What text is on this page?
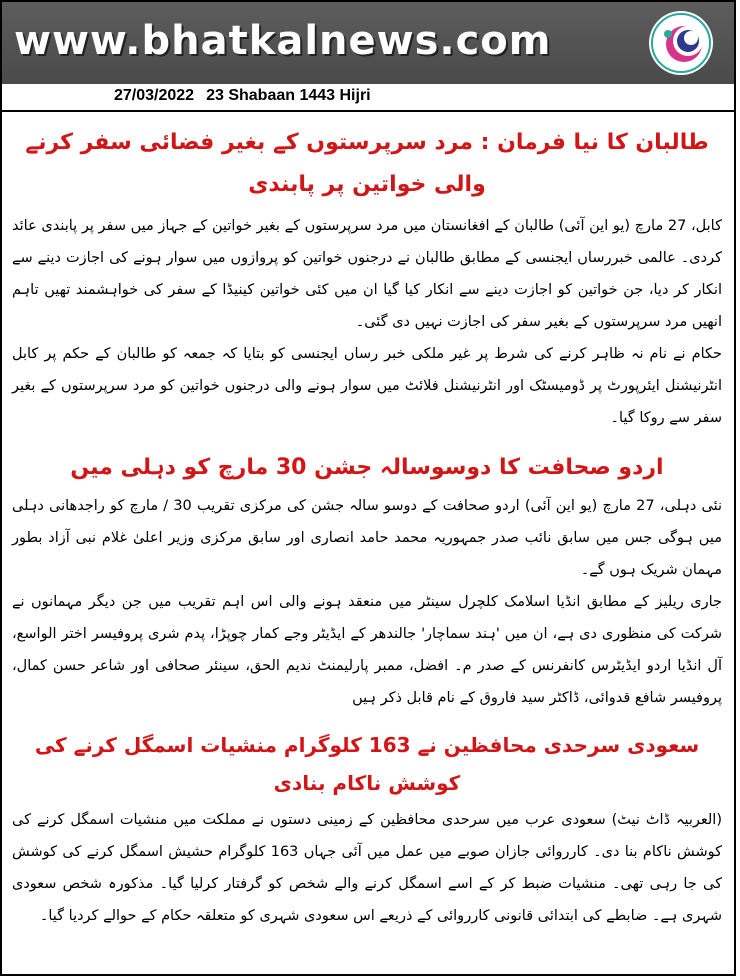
www.bhatkalnews.com
27/03/2022 23 Shabaan 1443 Hijri
طالبان کا نیا فرمان : مرد سرپرستوں کے بغیر فضائی سفر کرنے والی خواتین پر پابندی

کابل، 27 مارچ (یو این آئی) طالبان کے افغانستان میں مرد سرپرستوں کے بغیر خواتین کے جہاز میں سفر پر پابندی عائد کردی۔ عالمی خبررساں ایجنسی کے مطابق طالبان نے درجنوں خواتین کو پروازوں میں سوار ہونے کی اجازت دینے سے انکار کر دیا، جن خواتین کو اجازت دینے سے انکار کیا گیا ان میں کئی خواتین کینیڈا کے سفر کی خواہشمند تھیں تاہم انھیں مرد سرپرستوں کے بغیر سفر کی اجازت نہیں دی گئی۔

حکام نے نام نہ ظاہر کرنے کی شرط پر غیر ملکی خبر رساں ایجنسی کو بتایا کہ جمعہ کو طالبان کے حکم پر کابل انٹرنیشنل ایئرپورٹ پر ڈومیسٹک اور انٹرنیشنل فلائٹ میں سوار ہونے والی درجنوں خواتین کو مرد سرپرستوں کے بغیر سفر سے روکا گیا۔

اردو صحافت کا دوسوسالہ جشن 30 مارچ کو دہلی میں

نئی دہلی، 27 مارچ (یو این آئی) اردو صحافت کے دوسو سالہ جشن کی مرکزی تقریب 30 / مارچ کو راجدھانی دہلی میں ہوگی جس میں سابق نائب صدر جمہوریہ محمد حامد انصاری اور سابق مرکزی وزیر اعلیٰ غلام نبی آزاد بطور مہمان شریک ہوں گے۔

جاری ریلیز کے مطابق انڈیا اسلامک کلچرل سینٹر میں منعقد ہونے والی اس اہم تقریب میں جن دیگر مہمانوں نے شرکت کی منظوری دی ہے، ان میں 'ہند سماچار' جالندھر کے ایڈیٹر وجے کمار چوپڑا، پدم شری پروفیسر اختر الواسع، آل انڈیا اردو ایڈیٹرس کانفرنس کے صدر م۔ افضل، ممبر پارلیمنٹ ندیم الحق، سینئر صحافی اور شاعر حسن کمال، پروفیسر شافع قدوائی، ڈاکٹر سید فاروق کے نام قابل ذکر ہیں

سعودی سرحدی محافظین نے 163 کلوگرام منشیات اسمگل کرنے کی کوشش ناکام بنادی

(العربیہ ڈاٹ نیٹ) سعودی عرب میں سرحدی محافظین کے زمینی دستوں نے مملکت میں منشیات اسمگل کرنے کی کوشش ناکام بنا دی۔ کارروائی جازان صوبے میں عمل میں آئی جہاں 163 کلوگرام حشیش اسمگل کرنے کی کوشش کی جا رہی تھی۔ منشیات ضبط کر کے اسے اسمگل کرنے والے شخص کو گرفتار کرلیا گیا۔ مذکورہ شخص سعودی شہری ہے۔ ضابطے کی ابتدائی قانونی کارروائی کے ذریعے اس سعودی شہری کو متعلقہ حکام کے حوالے کردیا گیا۔
